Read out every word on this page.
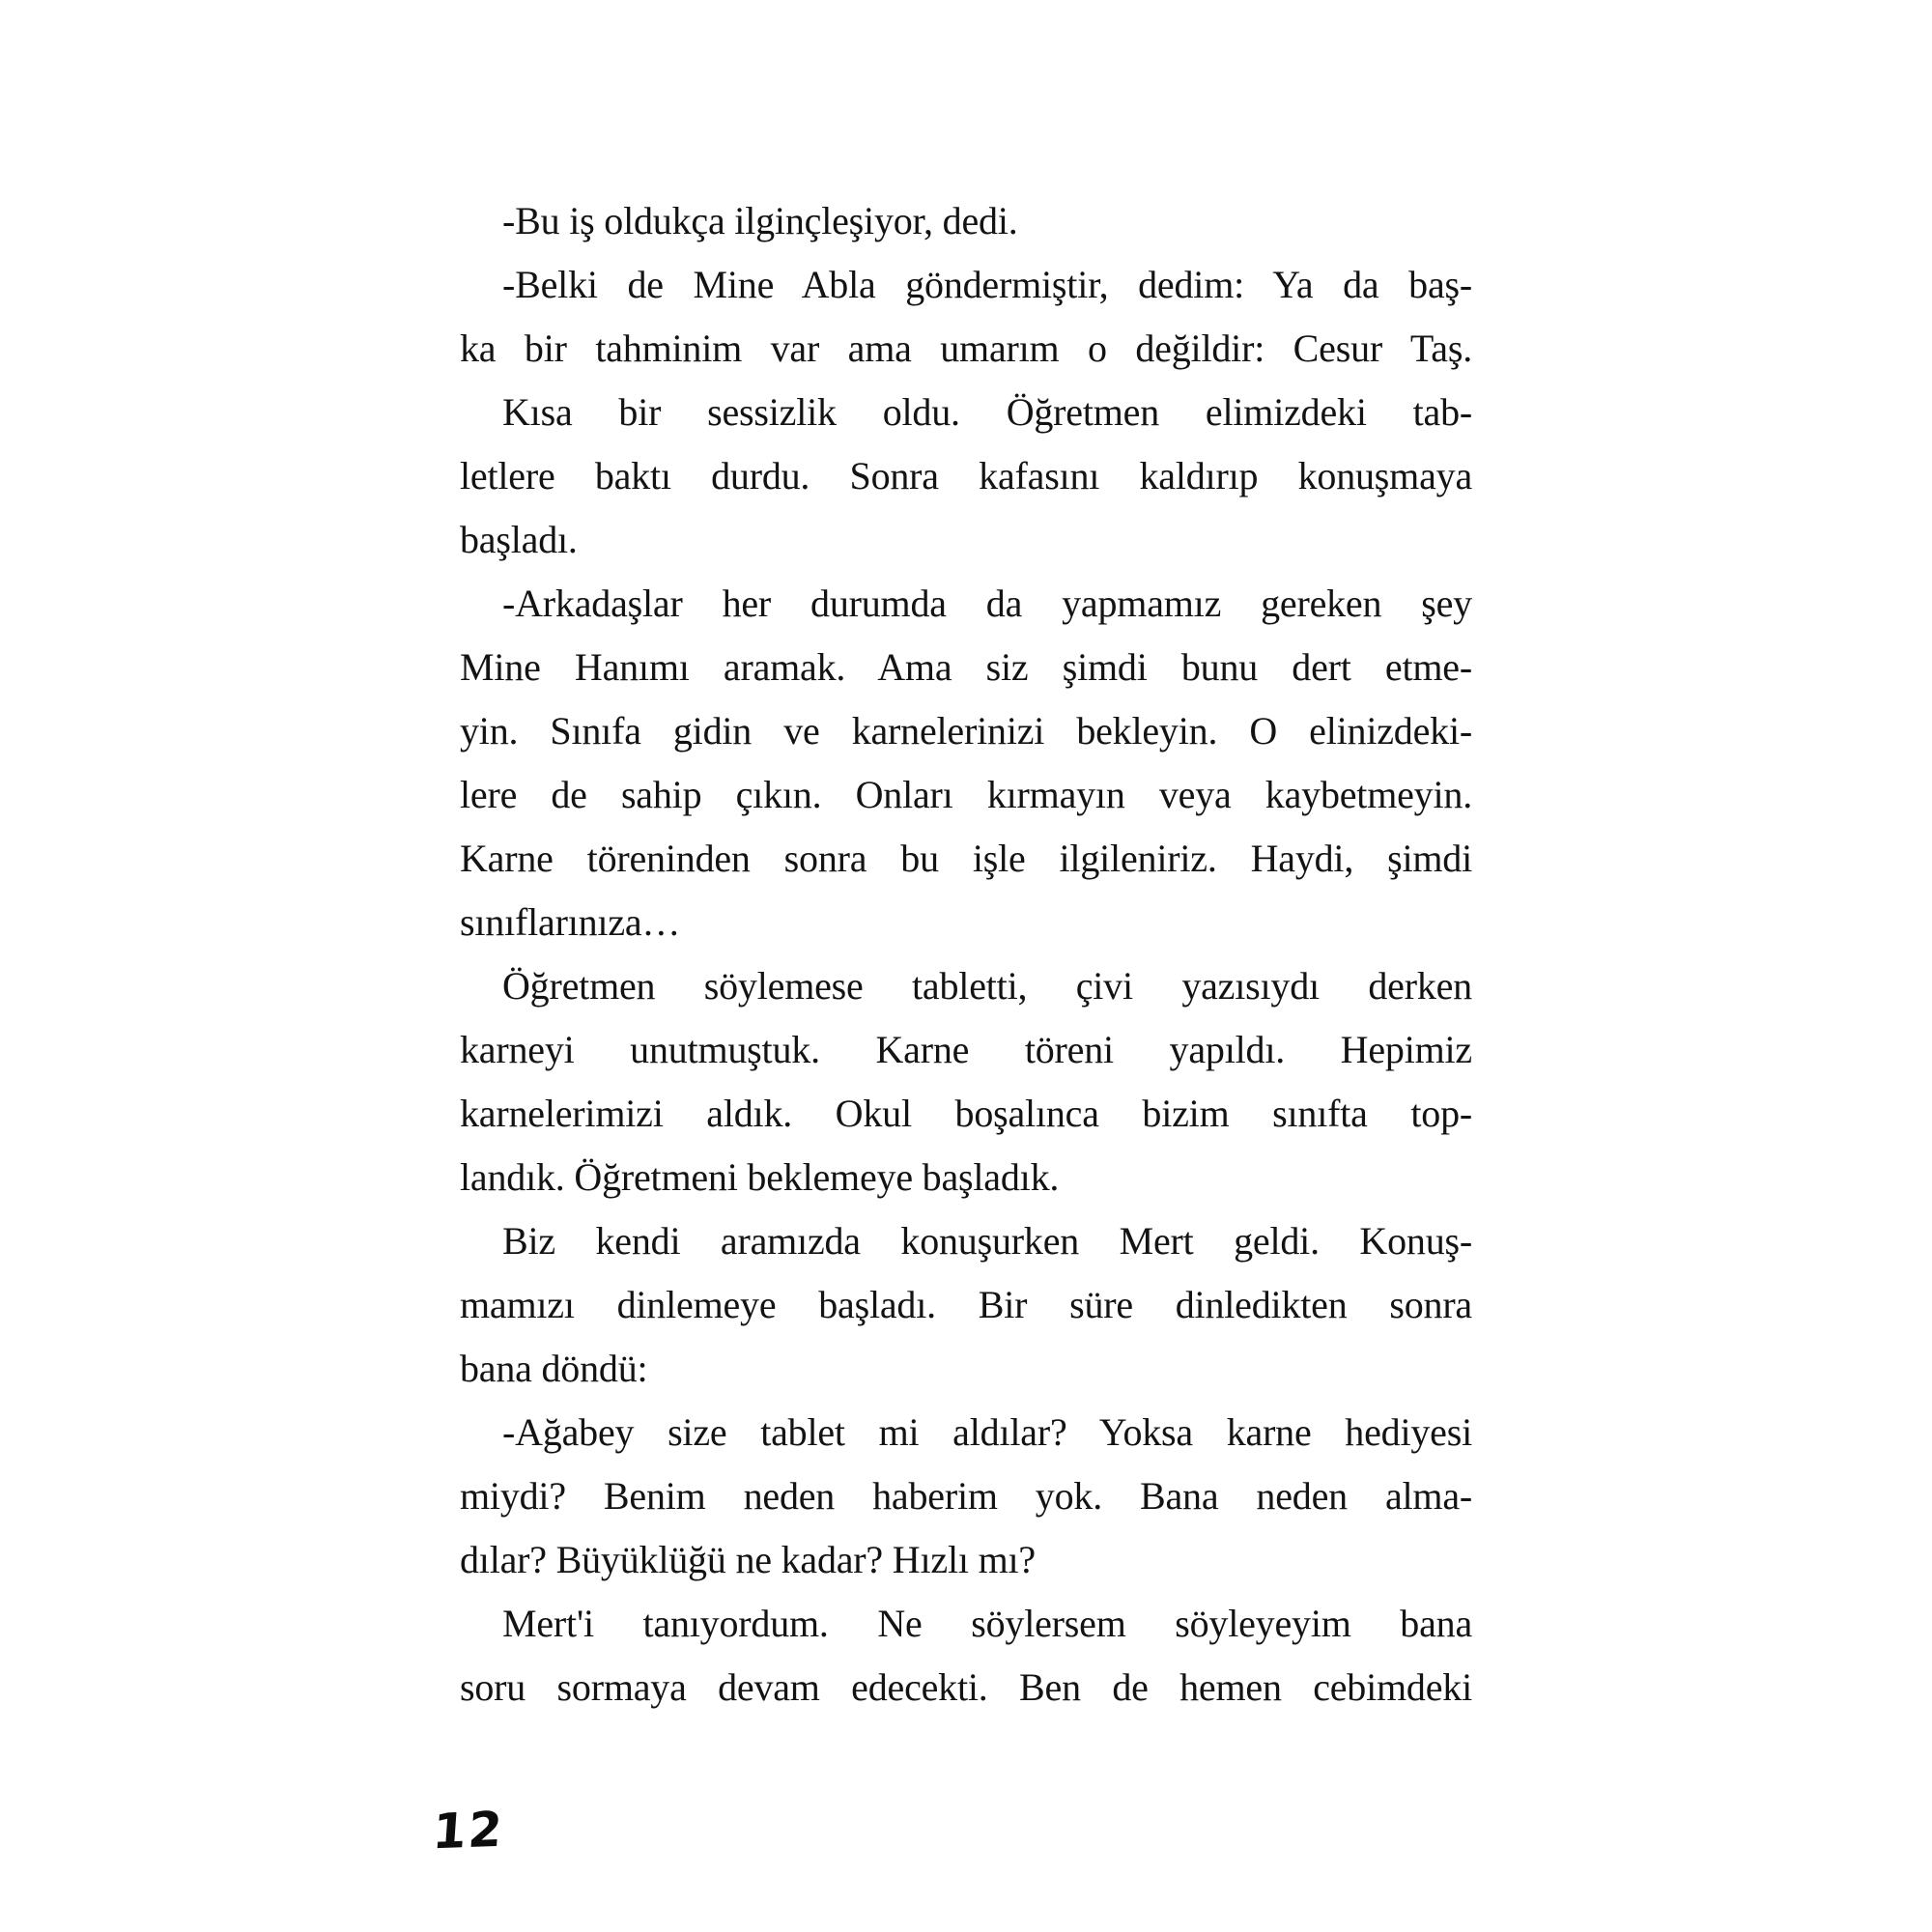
-Bu iş oldukça ilginçleşiyor, dedi.
-Belki de Mine Abla göndermiştir, dedim: Ya da baş-
ka bir tahminim var ama umarım o değildir: Cesur Taş.
Kısa bir sessizlik oldu. Öğretmen elimizdeki tab-
letlere baktı durdu. Sonra kafasını kaldırıp konuşmaya
başladı.
-Arkadaşlar her durumda da yapmamız gereken şey
Mine Hanımı aramak. Ama siz şimdi bunu dert etme-
yin. Sınıfa gidin ve karnelerinizi bekleyin. O elinizdeki-
lere de sahip çıkın. Onları kırmayın veya kaybetmeyin.
Karne töreninden sonra bu işle ilgileniriz. Haydi, şimdi
sınıflarınıza…
Öğretmen söylemese tabletti, çivi yazısıydı derken
karneyi unutmuştuk. Karne töreni yapıldı. Hepimiz
karnelerimizi aldık. Okul boşalınca bizim sınıfta top-
landık. Öğretmeni beklemeye başladık.
Biz kendi aramızda konuşurken Mert geldi. Konuş-
mamızı dinlemeye başladı. Bir süre dinledikten sonra
bana döndü:
-Ağabey size tablet mi aldılar? Yoksa karne hediyesi
miydi? Benim neden haberim yok. Bana neden alma-
dılar? Büyüklüğü ne kadar? Hızlı mı?
Mert'i tanıyordum. Ne söylersem söyleyeyim bana
soru sormaya devam edecekti. Ben de hemen cebimdeki
12
